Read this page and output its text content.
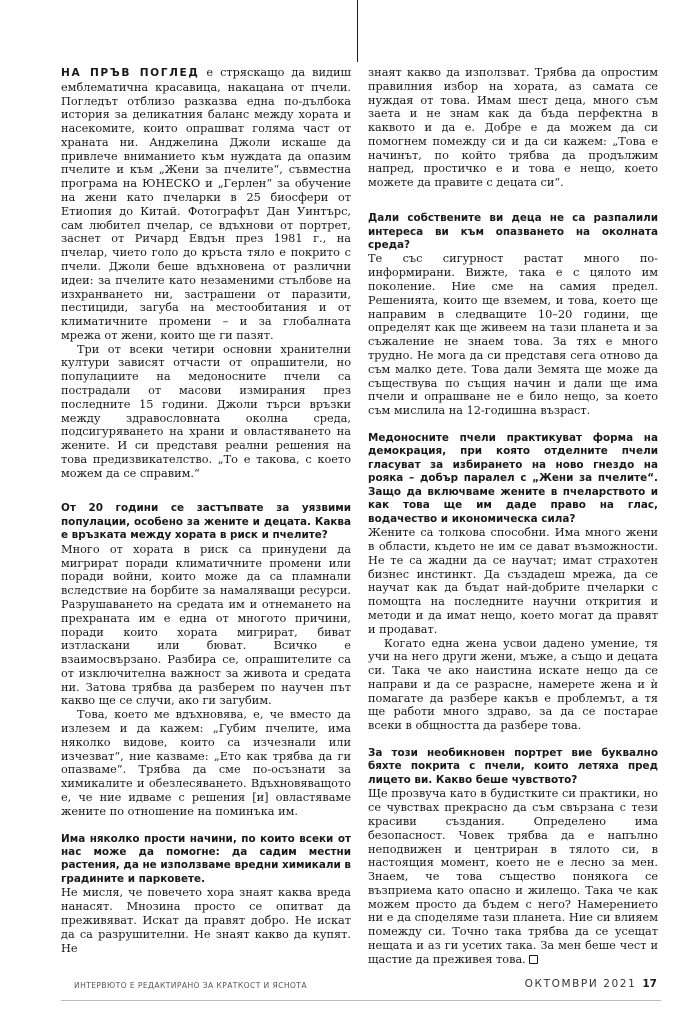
НА ПРЪВ ПОГЛЕД е стряскащо да видиш емблематична красавица, накацана от пчели. Погледът отблизо разказва една по-дълбока история за деликатния баланс между хората и насекомите, които опрашват голяма част от храната ни. Анджелина Джоли искаше да привлече вниманието към нуждата да опазим пчелите и към „Жени за пчелите“, съвместна програма на ЮНЕСКО и „Герлен“ за обучение на жени като пчеларки в 25 биосфери от Етиопия до Китай. Фотографът Дан Уинтърс, сам любител пчелар, се вдъхнови от портрет, заснет от Ричард Евдън през 1981 г., на пчелар, чието голо до кръста тяло е покрито с пчели. Джоли беше вдъхновена от различни идеи: за пчелите като незаменими стълбове на изхранването ни, застрашени от паразити, пестициди, загуба на местообитания и от климатичните промени – и за глобалната мрежа от жени, които ще ги пазят.

Три от всеки четири основни хранителни култури зависят отчасти от опрашители, но популациите на медоносните пчели са пострадали от масови измирания през последните 15 години. Джоли търси връзки между здравословната околна среда, подсигуряването на храни и овластяването на жените. И си представя реални решения на това предизвикателство. „То е такова, с което можем да се справим.“

От 20 години се застъпвате за уязвими популации, особено за жените и децата. Каква е връзката между хората в риск и пчелите?

Много от хората в риск са принудени да мигрират поради климатичните промени или поради войни, които може да са пламнали вследствие на борбите за намаляващи ресурси. Разрушаването на средата им и отнемането на прехраната им е една от многото причини, поради които хората мигрират, биват изтласкани или бюват. Всичко е взаимосвързано. Разбира се, опрашителите са от изключителна важност за живота и средата ни. Затова трябва да разберем по научен път какво ще се случи, ако ги загубим.

Това, което ме вдъхновява, е, че вместо да излезем и да кажем: „Губим пчелите, има няколко видове, които са изчезнали или изчезват“, ние казваме: „Ето как трябва да ги опазваме“. Трябва да сме по-осъзнати за химикалите и обезлесяването. Вдъхновяващото е, че ние идваме с решения [и] овластяваме жените по отношение на поминъка им.

Има няколко прости начини, по които всеки от нас може да помогне: да садим местни растения, да не използваме вредни химикали в градините и парковете.

Не мисля, че повечето хора знаят каква вреда нанасят. Мнозина просто се опитват да преживяват. Искат да правят добро. Не искат да са разрушителни. Не знаят какво да купят. Не

знаят какво да използват. Трябва да опростим правилния избор на хората, аз самата се нуждая от това. Имам шест деца, много съм заета и не знам как да бъда перфектна в каквото и да е. Добре е да можем да си помогнем помежду си и да си кажем: „Това е начинът, по който трябва да продължим напред, простичко е и това е нещо, което можете да правите с децата си“.

Дали собствените ви деца не са разпалили интереса ви към опазването на околната среда?

Те със сигурност растат много по-информирани. Вижте, така е с цялото им поколение. Ние сме на самия предел. Решенията, които ще вземем, и това, което ще направим в следващите 10–20 години, ще определят как ще живеем на тази планета и за съжаление не знаем това. За тях е много трудно. Не мога да си представя сега отново да съм малко дете. Това дали Земята ще може да съществува по същия начин и дали ще има пчели и опрашване не е било нещо, за което съм мислила на 12-годишна възраст.

Медоносните пчели практикуват форма на демокрация, при която отделните пчели гласуват за избирането на ново гнездо на рояка – добър паралел с „Жени за пчелите“. Защо да включваме жените в пчеларството и как това ще им даде право на глас, водачество и икономическа сила?

Жените са толкова способни. Има много жени в области, където не им се дават възможности. Не те са жадни да се научат; имат страхотен бизнес инстинкт. Да създадеш мрежа, да се научат как да бъдат най-добрите пчеларки с помощта на последните научни открития и методи и да имат нещо, което могат да правят и продават.

Когато една жена усвои дадено умение, тя учи на него други жени, мъже, а също и децата си. Така че ако наистина искате нещо да се направи и да се разрасне, намерете жена и ѝ помагате да разбере какъв е проблемът, а тя ще работи много здраво, за да се постарае всеки в общността да разбере това.

За този необикновен портрет вие буквално бяхте покрита с пчели, които летяха пред лицето ви. Какво беше чувството?

Ще прозвуча като в будистките си практики, но се чувствах прекрасно да съм свързана с тези красиви създания. Определено има безопасност. Човек трябва да е напълно неподвижен и центриран в тялото си, в настоящия момент, което не е лесно за мен. Знаем, че това същество понякога се възприема като опасно и жилещо. Така че как можем просто да бъдем с него? Намерението ни е да споделяме тази планета. Ние си влияем помежду си. Точно така трябва да се усещат нещата и аз ги усетих така. За мен беше чест и щастие да преживея това.

ИНТЕРВЮТО Е РЕДАКТИРАНО ЗА КРАТКОСТ И ЯСНОТА	ОКТОМВРИ 2021 17
